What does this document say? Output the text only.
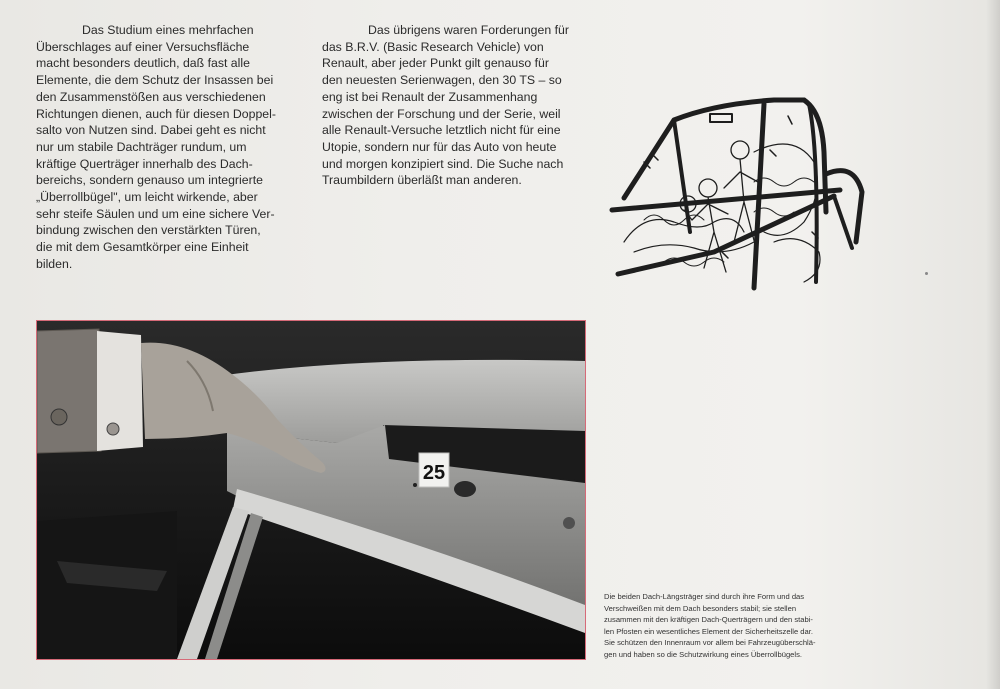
Das Studium eines mehrfachen
Überschlages auf einer Versuchsfläche
macht besonders deutlich, daß fast alle
Elemente, die dem Schutz der Insassen bei
den Zusammenstößen aus verschiedenen
Richtungen dienen, auch für diesen Doppel-
salto von Nutzen sind. Dabei geht es nicht
nur um stabile Dachträger rundum, um
kräftige Querträger innerhalb des Dach-
bereichs, sondern genauso um integrierte
„Überrollbügel", um leicht wirkende, aber
sehr steife Säulen und um eine sichere Ver-
bindung zwischen den verstärkten Türen,
die mit dem Gesamtkörper eine Einheit
bilden.
Das übrigens waren Forderungen für
das B.R.V. (Basic Research Vehicle) von
Renault, aber jeder Punkt gilt genauso für
den neuesten Serienwagen, den 30 TS – so
eng ist bei Renault der Zusammenhang
zwischen der Forschung und der Serie, weil
alle Renault-Versuche letztlich nicht für eine
Utopie, sondern nur für das Auto von heute
und morgen konzipiert sind. Die Suche nach
Traumbildern überläßt man anderen.
25
Die beiden Dach-Längsträger sind durch ihre Form und das
Verschweißen mit dem Dach besonders stabil; sie stellen
zusammen mit den kräftigen Dach-Querträgern und den stabi-
len Pfosten ein wesentliches Element der Sicherheitszelle dar.
Sie schützen den Innenraum vor allem bei Fahrzeugüberschlä-
gen und haben so die Schutzwirkung eines Überrollbügels.
